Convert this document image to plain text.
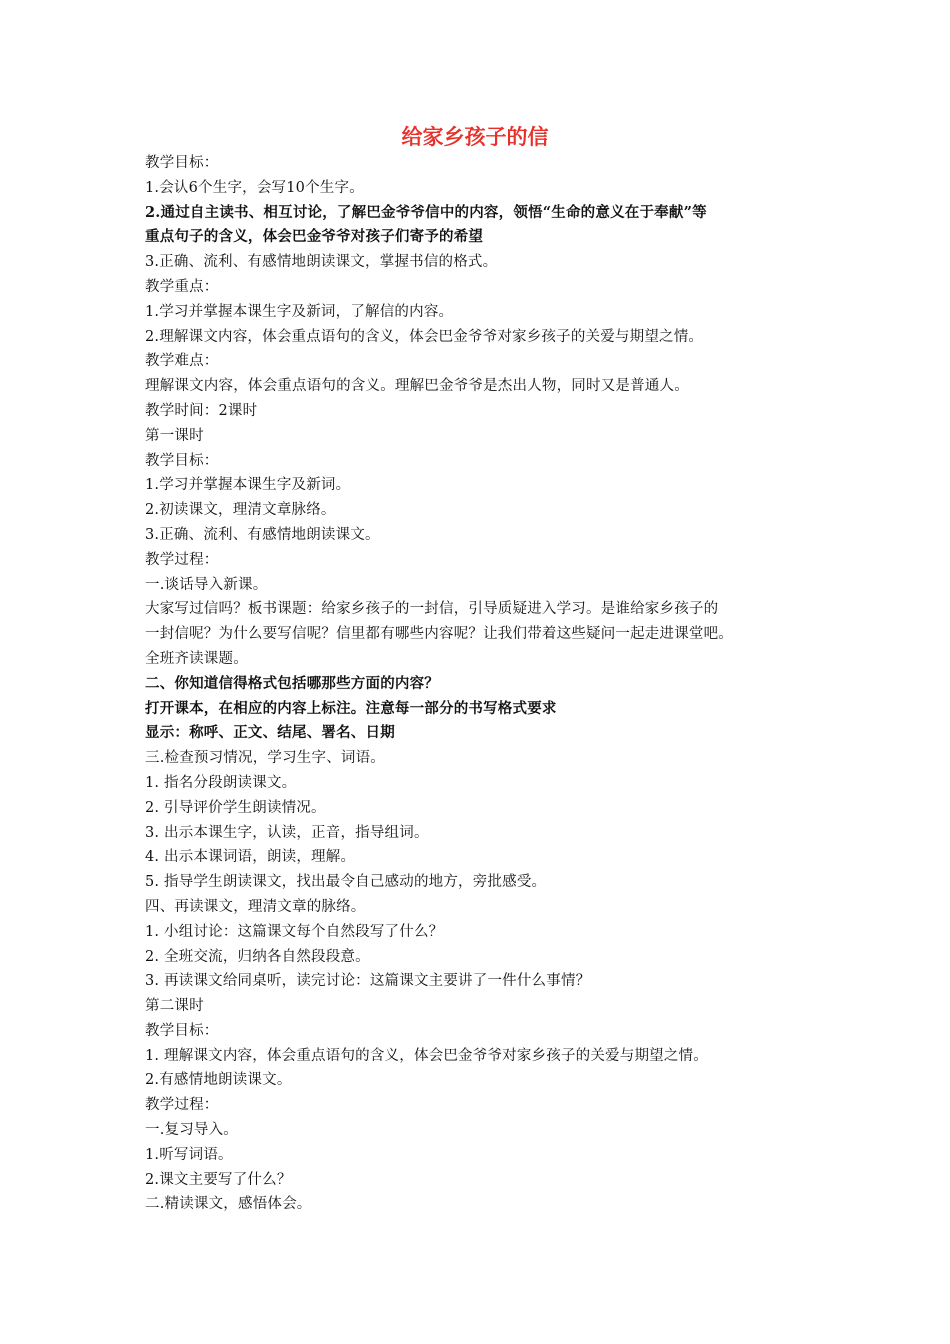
给家乡孩子的信
教学目标：
1.会认6个生字，会写10个生字。
2.通过自主读书、相互讨论，了解巴金爷爷信中的内容，领悟“生命的意义在于奉献”等
重点句子的含义，体会巴金爷爷对孩子们寄予的希望
3.正确、流利、有感情地朗读课文，掌握书信的格式。
教学重点：
1.学习并掌握本课生字及新词，了解信的内容。
2.理解课文内容，体会重点语句的含义，体会巴金爷爷对家乡孩子的关爱与期望之情。
教学难点：
理解课文内容，体会重点语句的含义。理解巴金爷爷是杰出人物，同时又是普通人。
教学时间：2课时
第一课时
教学目标：
1.学习并掌握本课生字及新词。
2.初读课文，理清文章脉络。
3.正确、流利、有感情地朗读课文。
教学过程：
一.谈话导入新课。
大家写过信吗？板书课题：给家乡孩子的一封信，引导质疑进入学习。是谁给家乡孩子的
一封信呢？为什么要写信呢？信里都有哪些内容呢？让我们带着这些疑问一起走进课堂吧。
全班齐读课题。
二、你知道信得格式包括哪那些方面的内容？
打开课本，在相应的内容上标注。注意每一部分的书写格式要求
显示：称呼、正文、结尾、署名、日期
三.检查预习情况，学习生字、词语。
1. 指名分段朗读课文。
2. 引导评价学生朗读情况。
3. 出示本课生字，认读，正音，指导组词。
4. 出示本课词语，朗读，理解。
5. 指导学生朗读课文，找出最令自己感动的地方，旁批感受。
四、再读课文，理清文章的脉络。
1. 小组讨论：这篇课文每个自然段写了什么？
2. 全班交流，归纳各自然段段意。
3. 再读课文给同桌听，读完讨论：这篇课文主要讲了一件什么事情？
第二课时
教学目标：
1. 理解课文内容，体会重点语句的含义，体会巴金爷爷对家乡孩子的关爱与期望之情。
2.有感情地朗读课文。
教学过程：
一.复习导入。
1.听写词语。
2.课文主要写了什么？
二.精读课文，感悟体会。
